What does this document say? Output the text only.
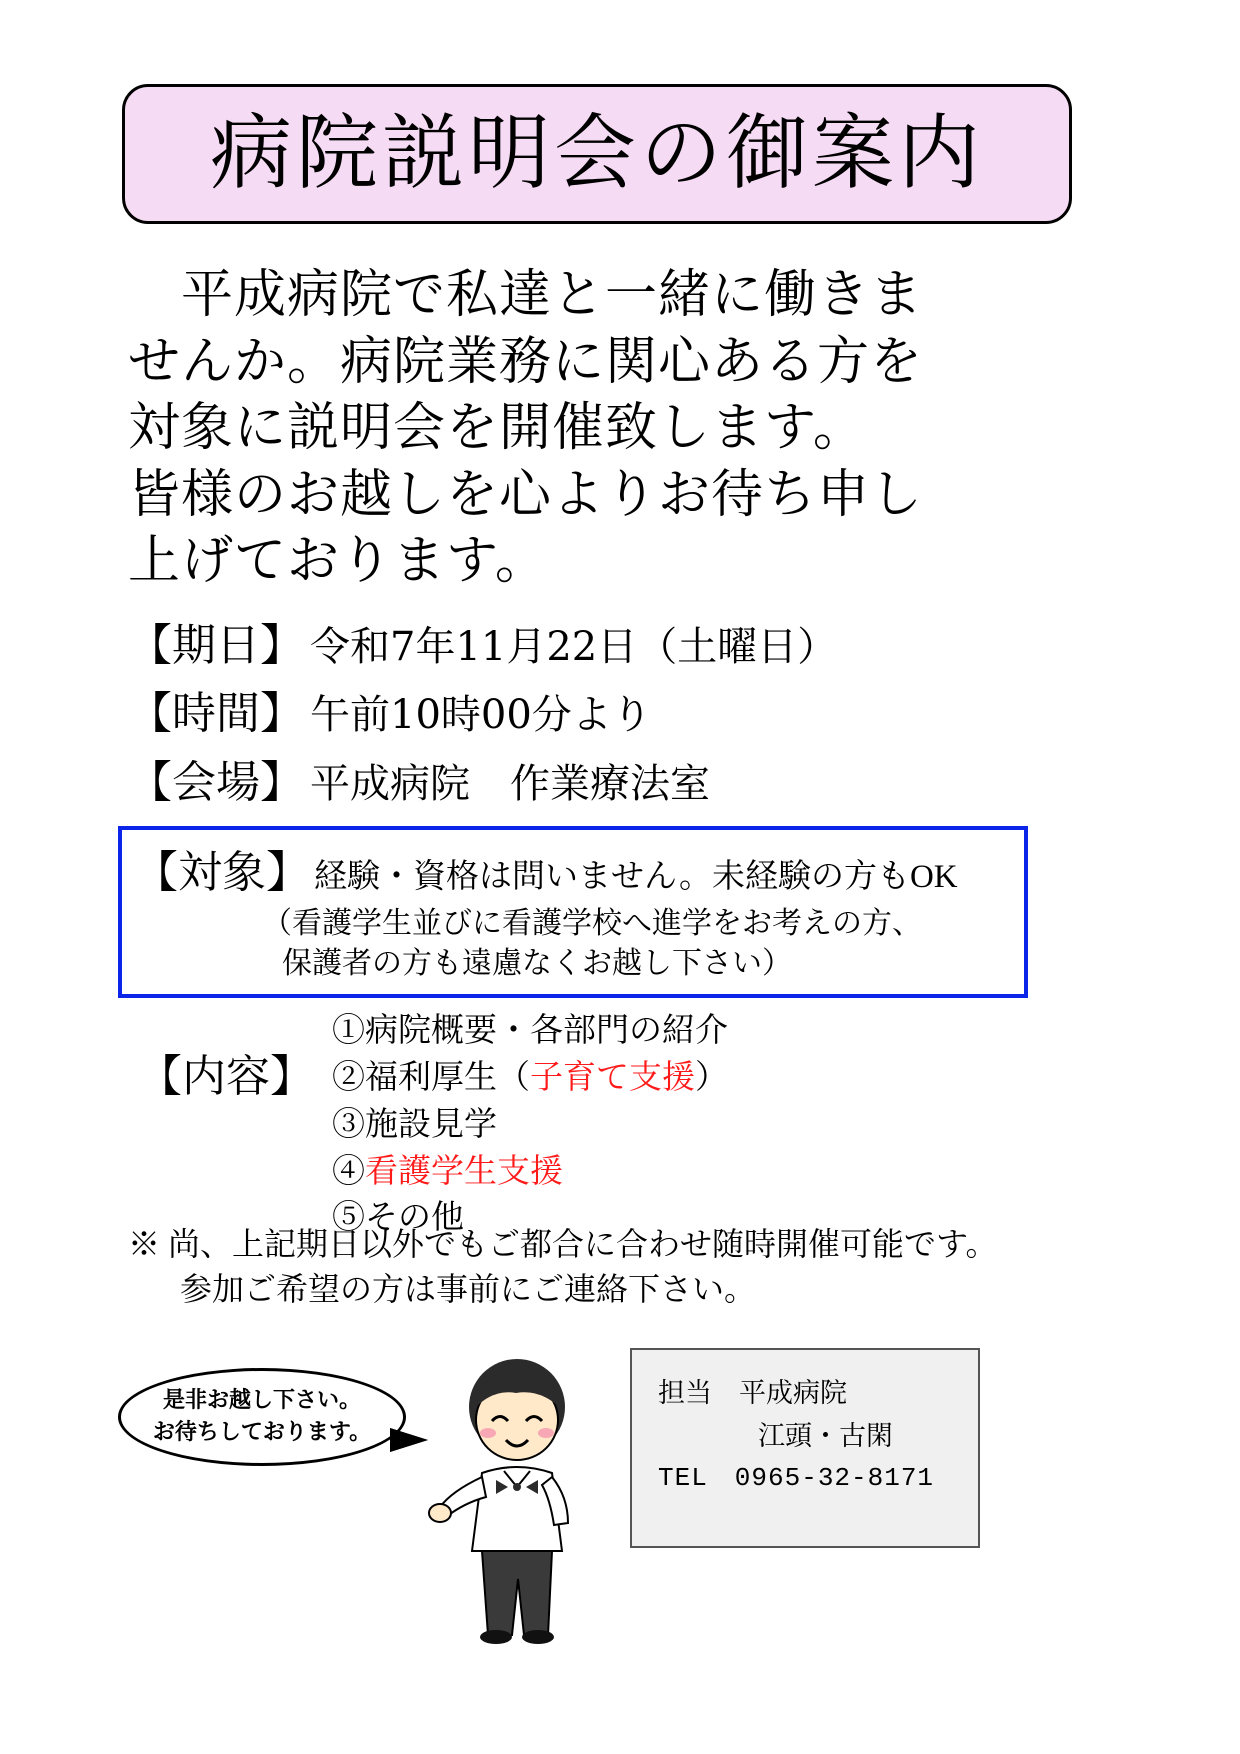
病院説明会の御案内

　平成病院で私達と一緒に働きま

せんか。病院業務に関心ある方を

対象に説明会を開催致します。

皆様のお越しを心よりお待ち申し

上げております。

【期日】 令和7年11月22日（土曜日）
【時間】 午前10時00分より
【会場】 平成病院　作業療法室
【対象】 経験・資格は問いません。未経験の方もOK
（看護学生並びに看護学校へ進学をお考えの方、
保護者の方も遠慮なくお越し下さい）
【内容】
①病院概要・各部門の紹介
②福利厚生（子育て支援）
③施設見学
④看護学生支援
⑤その他
※ 尚、上記期日以外でもご都合に合わせ随時開催可能です。
参加ご希望の方は事前にご連絡下さい。
是非お越し下さい。
お待ちしております。
担当　平成病院
江頭・古閑
TEL　0965-32-8171
